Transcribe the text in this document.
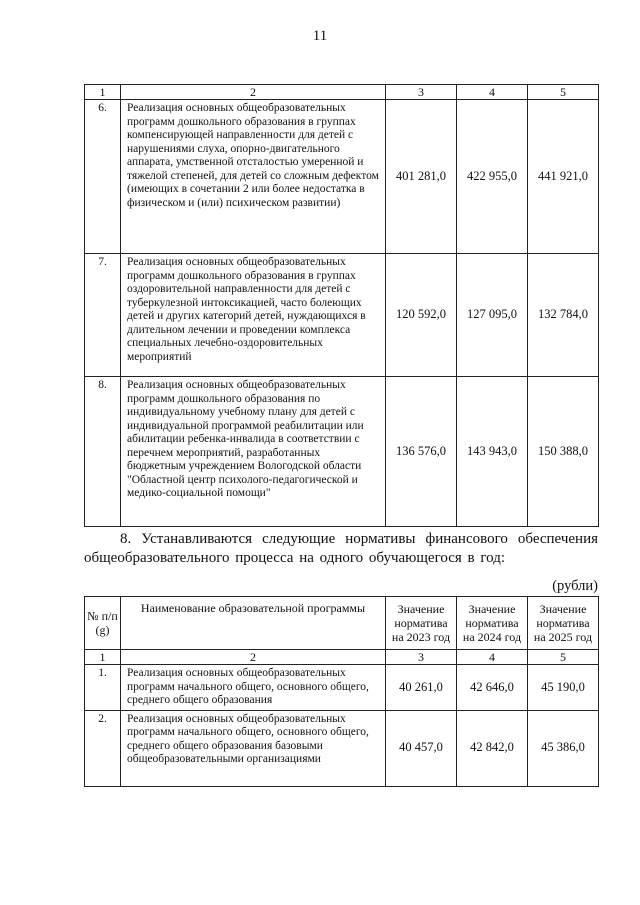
11
1	2	3	4	5
6.	Реализация основных общеобразовательных программ дошкольного образования в группах компенсирующей направленности для детей с нарушениями слуха, опорно-двигательного аппарата, умственной отсталостью умеренной и тяжелой степеней, для детей со сложным дефектом (имеющих в сочетании 2 или более недостатка в физическом и (или) психическом развитии)	401 281,0	422 955,0	441 921,0
7.	Реализация основных общеобразовательных программ дошкольного образования в группах оздоровительной направленности для детей с туберкулезной интоксикацией, часто болеющих детей и других категорий детей, нуждающихся в длительном лечении и проведении комплекса специальных лечебно-оздоровительных мероприятий	120 592,0	127 095,0	132 784,0
8.	Реализация основных общеобразовательных программ дошкольного образования по индивидуальному учебному плану для детей с индивидуальной программой реабилитации или абилитации ребенка-инвалида в соответствии с перечнем мероприятий, разработанных бюджетным учреждением Вологодской области "Областной центр психолого-педагогической и медико-социальной помощи"	136 576,0	143 943,0	150 388,0
8. Устанавливаются следующие нормативы финансового обеспечения общеобразовательного процесса на одного обучающегося в год:
(рубли)
№ п/п (g)	Наименование образовательной программы	Значение норматива на 2023 год	Значение норматива на 2024 год	Значение норматива на 2025 год
1	2	3	4	5
1.	Реализация основных общеобразовательных программ начального общего, основного общего, среднего общего образования	40 261,0	42 646,0	45 190,0
2.	Реализация основных общеобразовательных программ начального общего, основного общего, среднего общего образования базовыми общеобразовательными организациями	40 457,0	42 842,0	45 386,0
